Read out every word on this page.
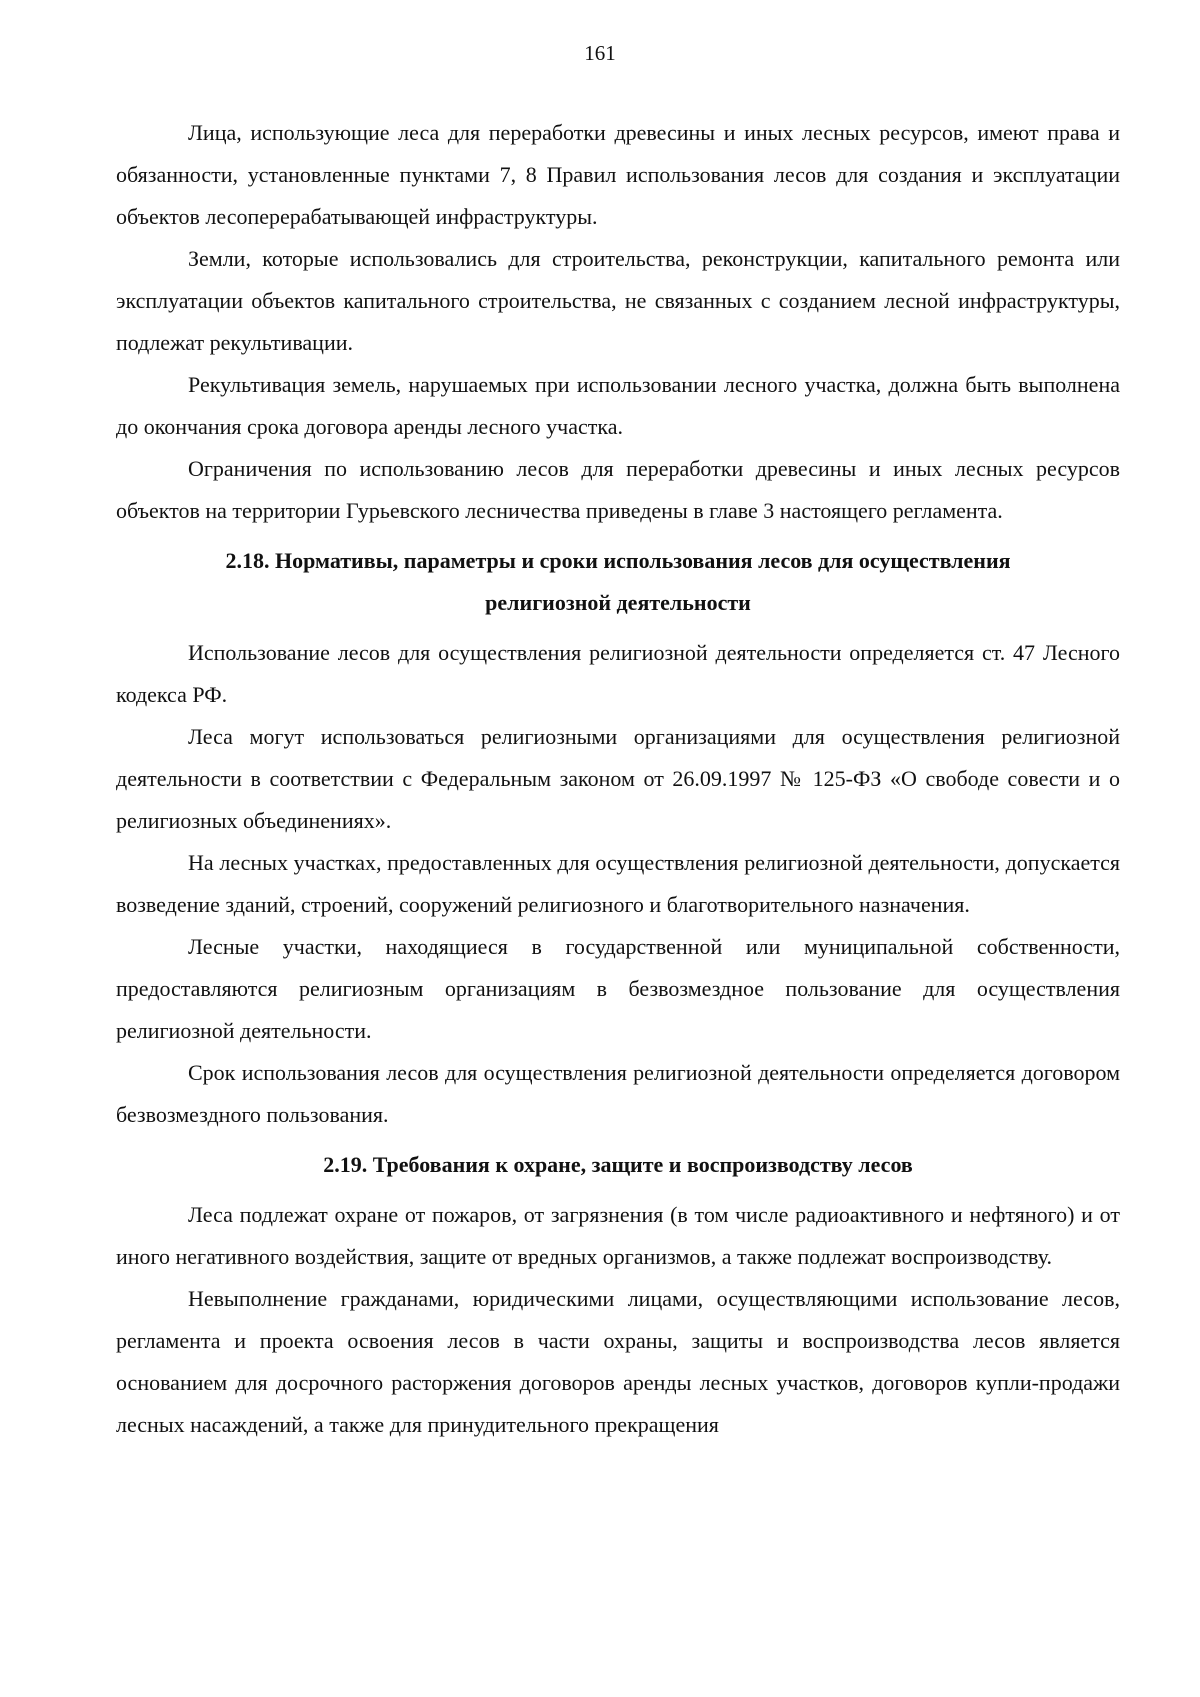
161

Лица, использующие леса для переработки древесины и иных лесных ресурсов, имеют права и обязанности, установленные пунктами 7, 8 Правил использования лесов для создания и эксплуатации объектов лесоперерабатывающей инфраструктуры.

Земли, которые использовались для строительства, реконструкции, капитального ремонта или эксплуатации объектов капитального строительства, не связанных с созданием лесной инфраструктуры, подлежат рекультивации.

Рекультивация земель, нарушаемых при использовании лесного участка, должна быть выполнена до окончания срока договора аренды лесного участка.

Ограничения по использованию лесов для переработки древесины и иных лесных ресурсов объектов на территории Гурьевского лесничества приведены в главе 3 настоящего регламента.

2.18. Нормативы, параметры и сроки использования лесов для осуществления религиозной деятельности

Использование лесов для осуществления религиозной деятельности определяется ст. 47 Лесного кодекса РФ.

Леса могут использоваться религиозными организациями для осуществления религиозной деятельности в соответствии с Федеральным законом от 26.09.1997 № 125-ФЗ «О свободе совести и о религиозных объединениях».

На лесных участках, предоставленных для осуществления религиозной деятельности, допускается возведение зданий, строений, сооружений религиозного и благотворительного назначения.

Лесные участки, находящиеся в государственной или муниципальной собственности, предоставляются религиозным организациям в безвозмездное пользование для осуществления религиозной деятельности.

Срок использования лесов для осуществления религиозной деятельности определяется договором безвозмездного пользования.

2.19. Требования к охране, защите и воспроизводству лесов

Леса подлежат охране от пожаров, от загрязнения (в том числе радиоактивного и нефтяного) и от иного негативного воздействия, защите от вредных организмов, а также подлежат воспроизводству.

Невыполнение гражданами, юридическими лицами, осуществляющими использование лесов, регламента и проекта освоения лесов в части охраны, защиты и воспроизводства лесов является основанием для досрочного расторжения договоров аренды лесных участков, договоров купли-продажи лесных насаждений, а также для принудительного прекращения
